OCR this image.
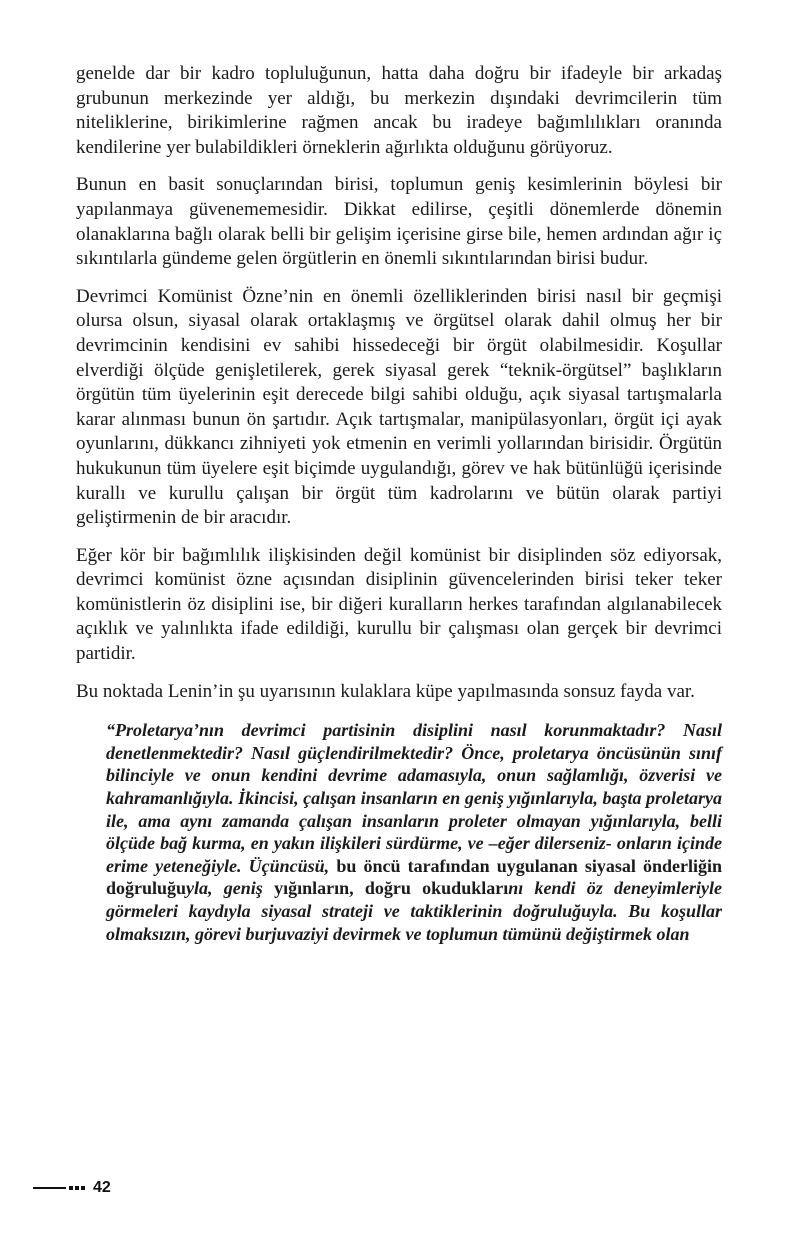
genelde dar bir kadro topluluğunun, hatta daha doğru bir ifadeyle bir arkadaş grubunun merkezinde yer aldığı, bu merkezin dışındaki devrimcilerin tüm niteliklerine, birikimlerine rağmen ancak bu iradeye bağımlılıkları oranında kendilerine yer bulabildikleri örneklerin ağırlıkta olduğunu görüyoruz.

Bunun en basit sonuçlarından birisi, toplumun geniş kesimlerinin böylesi bir yapılanmaya güvenememesidir. Dikkat edilirse, çeşitli dönemlerde dönemin olanaklarına bağlı olarak belli bir gelişim içerisine girse bile, hemen ardından ağır iç sıkıntılarla gündeme gelen örgütlerin en önemli sıkıntılarından birisi budur.

Devrimci Komünist Özne’nin en önemli özelliklerinden birisi nasıl bir geçmişi olursa olsun, siyasal olarak ortaklaşmış ve örgütsel olarak dahil olmuş her bir devrimcinin kendisini ev sahibi hissedeceği bir örgüt olabilmesidir. Koşullar elverdiği ölçüde genişletilerek, gerek siyasal gerek “teknik-örgütsel” başlıkların örgütün tüm üyelerinin eşit derecede bilgi sahibi olduğu, açık siyasal tartışmalarla karar alınması bunun ön şartıdır. Açık tartışmalar, manipülasyonları, örgüt içi ayak oyunlarını, dükkancı zihniyeti yok etmenin en verimli yollarından birisidir. Örgütün hukukunun tüm üyelere eşit biçimde uygulandığı, görev ve hak bütünlüğü içerisinde kurallı ve kurullu çalışan bir örgüt tüm kadrolarını ve bütün olarak partiyi geliştirmenin de bir aracıdır.

Eğer kör bir bağımlılık ilişkisinden değil komünist bir disiplinden söz ediyorsak, devrimci komünist özne açısından disiplinin güvencelerinden birisi teker teker komünistlerin öz disiplini ise, bir diğeri kuralların herkes tarafından algılanabilecek açıklık ve yalınlıkta ifade edildiği, kurullu bir çalışması olan gerçek bir devrimci partidir.

Bu noktada Lenin’in şu uyarısının kulaklara küpe yapılmasında sonsuz fayda var.

“Proletarya’nın devrimci partisinin disiplini nasıl korunmaktadır? Nasıl denetlenmektedir? Nasıl güçlendirilmektedir? Önce, proletarya öncüsünün sınıf bilinciyle ve onun kendini devrime adamasıyla, onun sağlamlığı, özverisi ve kahramanlığıyla. İkincisi, çalışan insanların en geniş yığınlarıyla, başta proletarya ile, ama aynı zamanda çalışan insanların proleter olmayan yığınlarıyla, belli ölçüde bağ kurma, en yakın ilişkileri sürdürme, ve –eğer dilerseniz- onların içinde erime yeteneğiyle. Üçüncüsü, bu öncü tarafından uygulanan siyasal önderliğin doğruluğuyla, geniş yığınların, doğru okuduklarını kendi öz deneyimleriyle görmeleri kaydıyla siyasal strateji ve taktiklerinin doğruluğuyla. Bu koşullar olmaksızın, görevi burjuvaziyi devirmek ve toplumun tümünü değiştirmek olan
42
